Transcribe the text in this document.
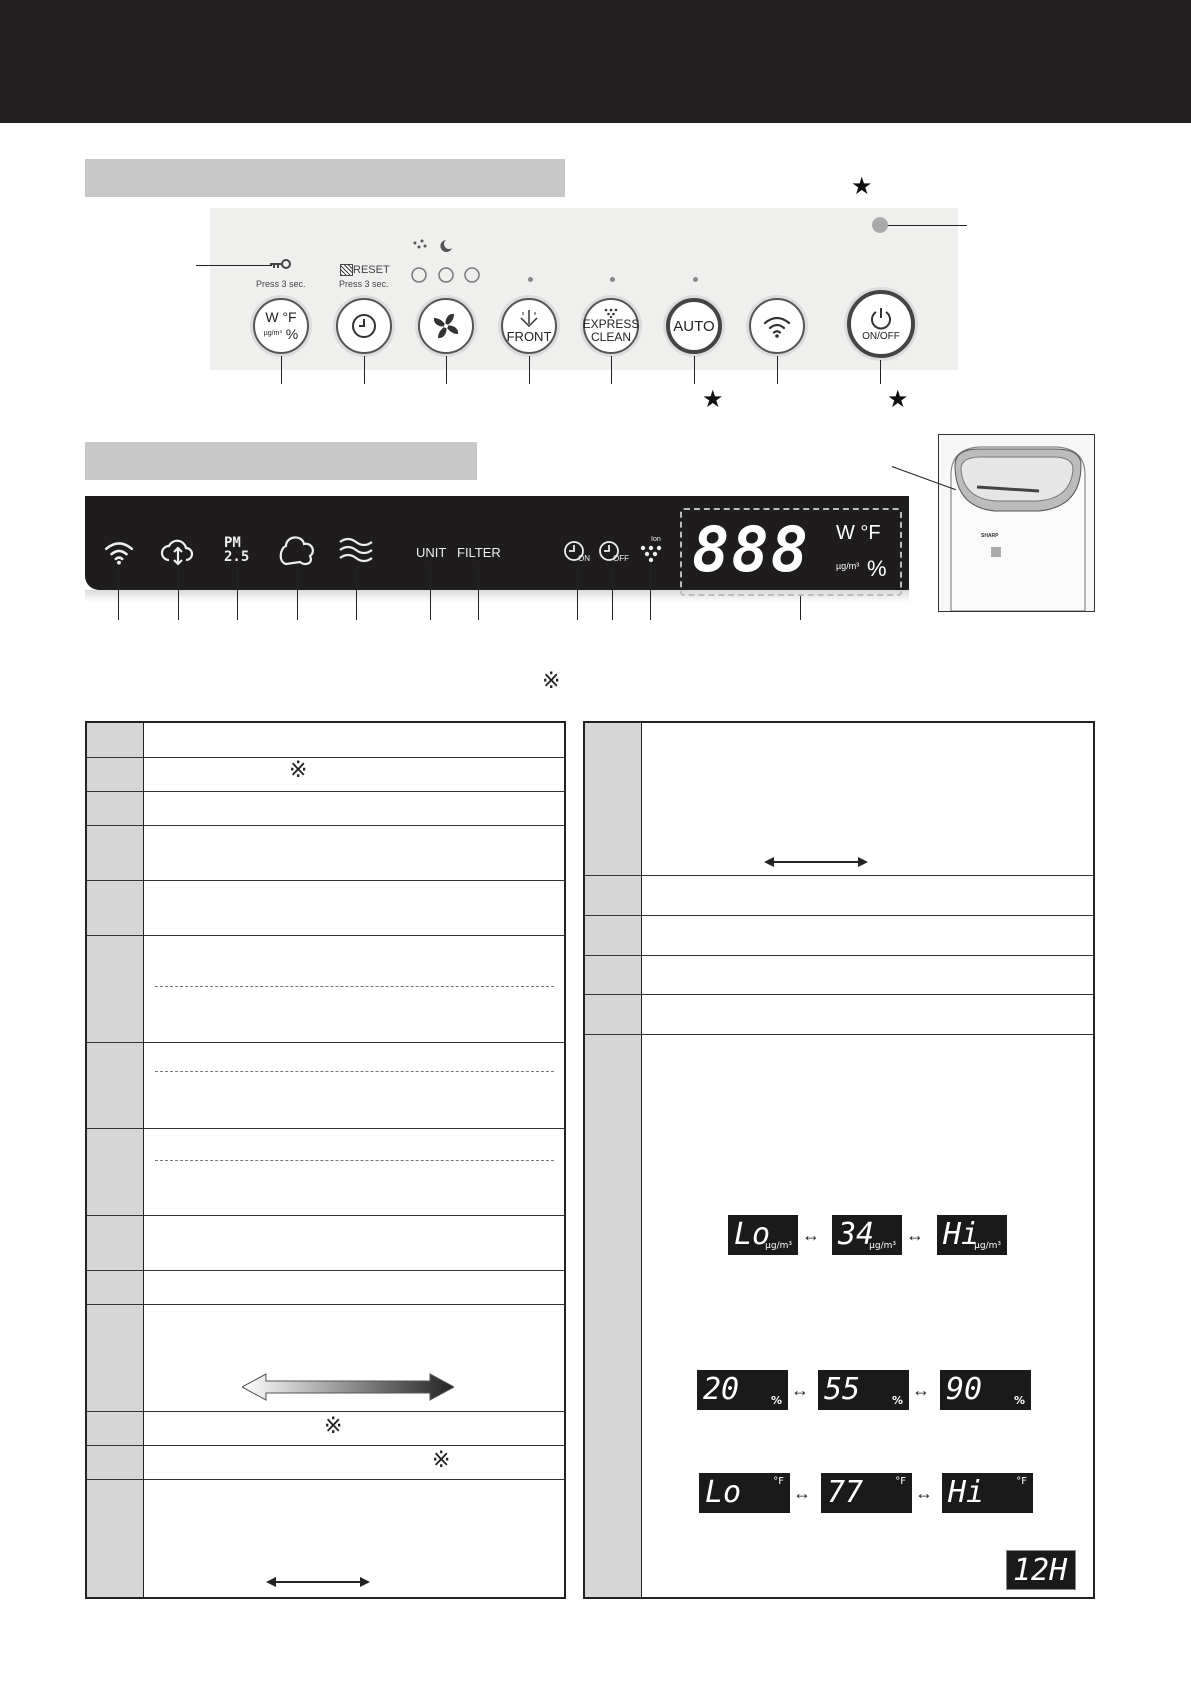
Press 3 sec.
RESET
Press 3 sec.
W °F
µg/m³ %	FRONT
EXPRESS
CLEAN
AUTO
ON/OFF
★
★	★
PM
2.5	UNIT FILTER	ON	OFF
Ion 888 W °F
µg/m³ %
SHARP
※
※
※
※
Lo
µg/m³
↔ 34
µg/m³
↔ Hi
µg/m³
20	%
↔ 55	%
↔ 90	%
Lo	°F
↔ 77	°F
↔ Hi	°F
12H
